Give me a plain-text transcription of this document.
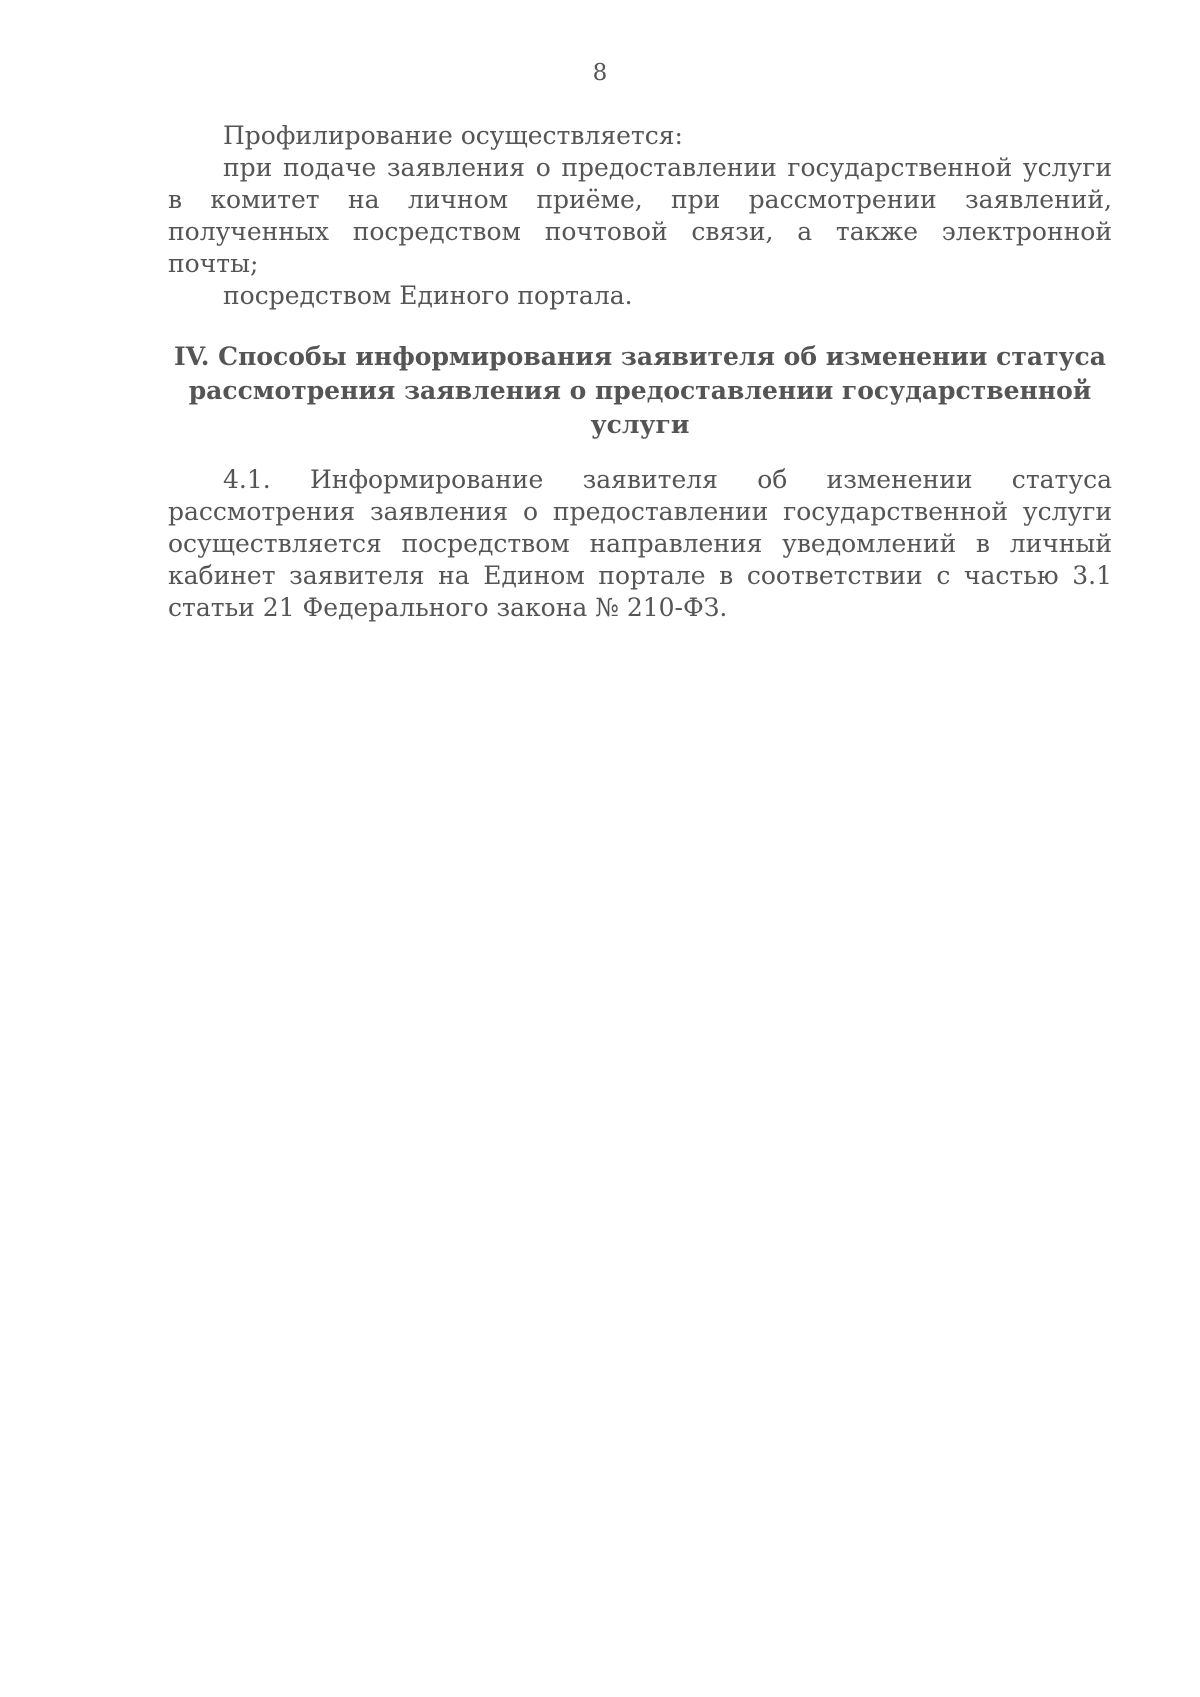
8

Профилирование осуществляется:

при подаче заявления о предоставлении государственной услуги в комитет на личном приёме, при рассмотрении заявлений, полученных посредством почтовой связи, а также электронной почты;

посредством Единого портала.

IV. Способы информирования заявителя об изменении статуса
рассмотрения заявления о предоставлении государственной услуги

4.1. Информирование заявителя об изменении статуса рассмотрения заявления о предоставлении государственной услуги осуществляется посредством направления уведомлений в личный кабинет заявителя на Едином портале в соответствии с частью 3.1 статьи 21 Федерального закона № 210-ФЗ.
